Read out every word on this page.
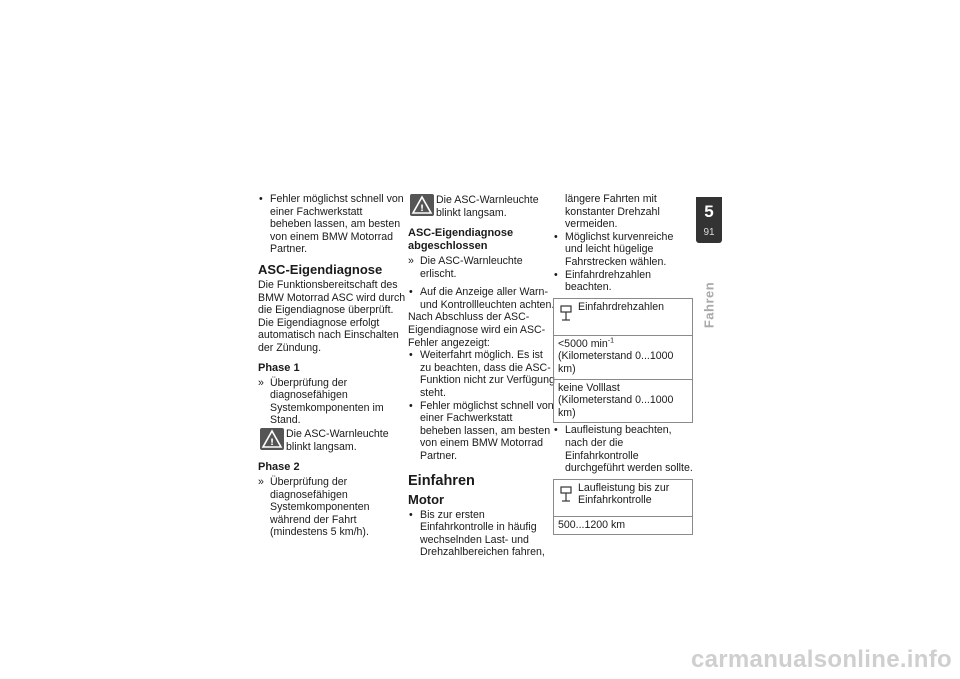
• Fehler möglichst schnell von einer Fachwerkstatt beheben lassen, am besten von einem BMW Motorrad Partner.
ASC-Eigendiagnose

Die Funktionsbereitschaft des BMW Motorrad ASC wird durch die Eigendiagnose überprüft. Die Eigendiagnose erfolgt automatisch nach Einschalten der Zündung.

Phase 1
» Überprüfung der diagnosefähigen Systemkomponenten im Stand.
!
Die ASC-Warnleuchte blinkt langsam.
Phase 2
» Überprüfung der diagnosefähigen Systemkomponenten während der Fahrt (mindestens 5 km/h).
!
Die ASC-Warnleuchte blinkt langsam.
ASC-Eigendiagnose abgeschlossen
» Die ASC-Warnleuchte erlischt.
• Auf die Anzeige aller Warn- und Kontrollleuchten achten.

Nach Abschluss der ASC-Eigendiagnose wird ein ASC-Fehler angezeigt:

• Weiterfahrt möglich. Es ist zu beachten, dass die ASC-Funktion nicht zur Verfügung steht.
• Fehler möglichst schnell von einer Fachwerkstatt beheben lassen, am besten von einem BMW Motorrad Partner.
Einfahren
Motor
• Bis zur ersten Einfahrkontrolle in häufig wechselnden Last- und Drehzahlbereichen fahren,
längere Fahrten mit konstanter Drehzahl vermeiden.
• Möglichst kurvenreiche und leicht hügelige Fahrstrecken wählen.
• Einfahrdrehzahlen beachten.
Einfahrdrehzahlen
<5000 $\min^{-1}$ (Kilometerstand 0...1000 km)
keine Volllast (Kilometerstand 0...1000 km)
• Laufleistung beachten, nach der die Einfahrkontrolle durchgeführt werden sollte.
Laufleistung bis zur Einfahrkontrolle
500...1200 km
5
91
Fahren
carmanualsonline.info
